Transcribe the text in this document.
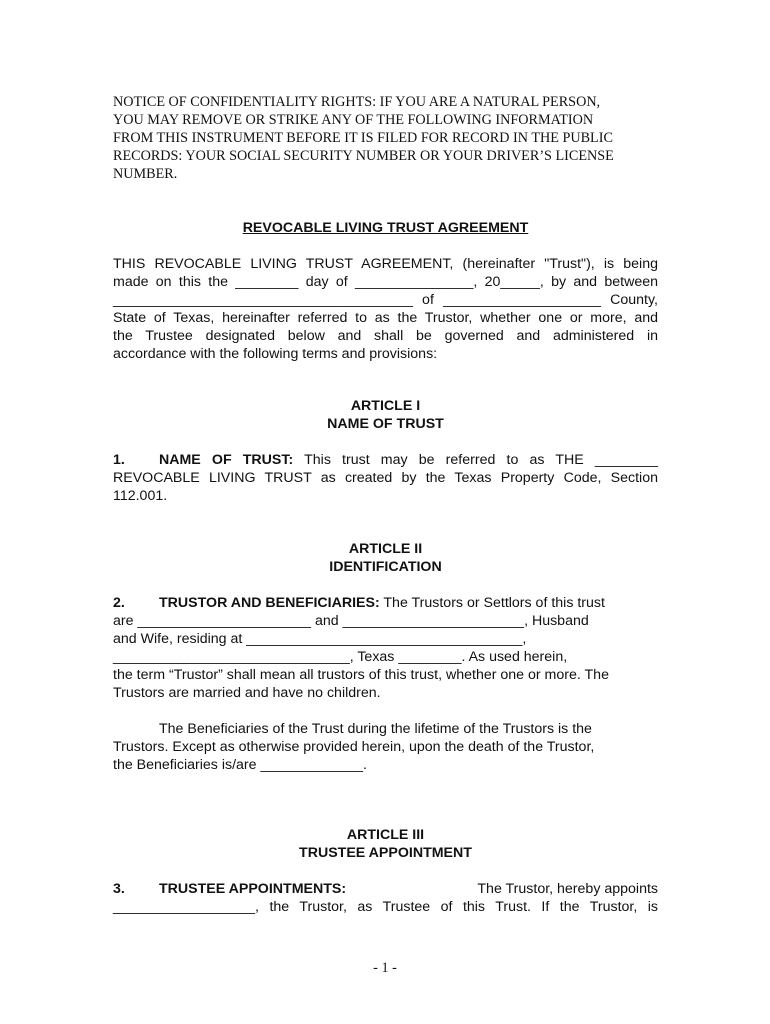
NOTICE OF CONFIDENTIALITY RIGHTS: IF YOU ARE A NATURAL PERSON,
YOU MAY REMOVE OR STRIKE ANY OF THE FOLLOWING INFORMATION
FROM THIS INSTRUMENT BEFORE IT IS FILED FOR RECORD IN THE PUBLIC
RECORDS: YOUR SOCIAL SECURITY NUMBER OR YOUR DRIVER’S LICENSE
NUMBER.
REVOCABLE LIVING TRUST AGREEMENT
THIS REVOCABLE LIVING TRUST AGREEMENT, (hereinafter "Trust"), is being
made on this the ________ day of _______________, 20_____, by and between
______________________________________ of ____________________ County,
State of Texas, hereinafter referred to as the Trustor, whether one or more, and
the Trustee designated below and shall be governed and administered in
accordance with the following terms and provisions:
ARTICLE I
NAME OF TRUST
1. NAME OF TRUST: This trust may be referred to as THE ________
REVOCABLE LIVING TRUST as created by the Texas Property Code, Section
112.001.
ARTICLE II
IDENTIFICATION
2. TRUSTOR AND BENEFICIARIES: The Trustors or Settlors of this trust
are ______________________ and _______________________, Husband
and Wife, residing at ___________________________________,
______________________________, Texas ________. As used herein,
the term “Trustor” shall mean all trustors of this trust, whether one or more. The
Trustors are married and have no children.
The Beneficiaries of the Trust during the lifetime of the Trustors is the
Trustors. Except as otherwise provided herein, upon the death of the Trustor,
the Beneficiaries is/are _____________.
ARTICLE III
TRUSTEE APPOINTMENT
3. TRUSTEE APPOINTMENTS:	The Trustor, hereby appoints
__________________, the Trustor, as Trustee of this Trust. If the Trustor, is
- 1 -
